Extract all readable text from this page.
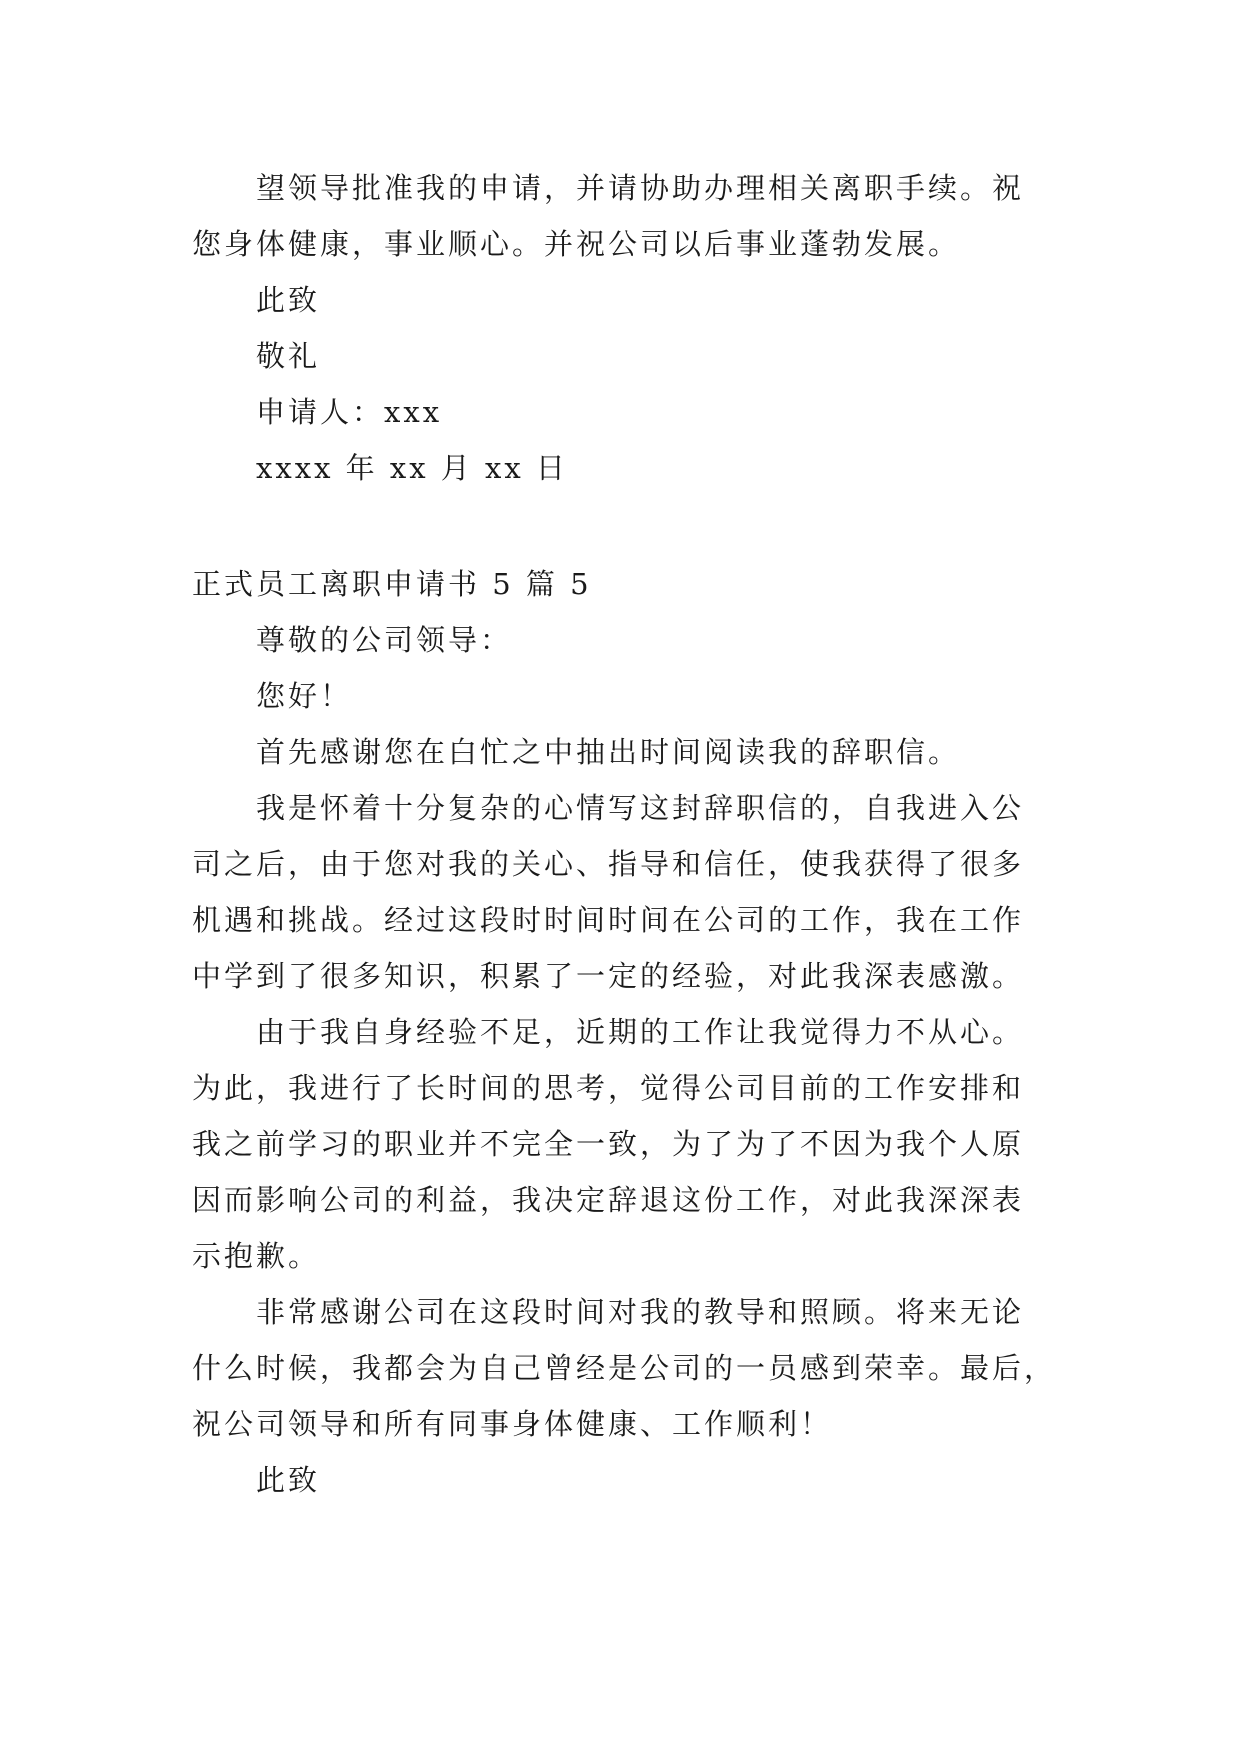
望领导批准我的申请，并请协助办理相关离职手续。祝
您身体健康，事业顺心。并祝公司以后事业蓬勃发展。
此致
敬礼
申请人：xxx
xxxx 年 xx 月 xx 日
正式员工离职申请书 5 篇 5
尊敬的公司领导：
您好！
首先感谢您在白忙之中抽出时间阅读我的辞职信。
我是怀着十分复杂的心情写这封辞职信的，自我进入公
司之后，由于您对我的关心、指导和信任，使我获得了很多
机遇和挑战。经过这段时时间时间在公司的工作，我在工作
中学到了很多知识，积累了一定的经验，对此我深表感激。
由于我自身经验不足，近期的工作让我觉得力不从心。
为此，我进行了长时间的思考，觉得公司目前的工作安排和
我之前学习的职业并不完全一致，为了为了不因为我个人原
因而影响公司的利益，我决定辞退这份工作，对此我深深表
示抱歉。
非常感谢公司在这段时间对我的教导和照顾。将来无论
什么时候，我都会为自己曾经是公司的一员感到荣幸。最后，
祝公司领导和所有同事身体健康、工作顺利！
此致
